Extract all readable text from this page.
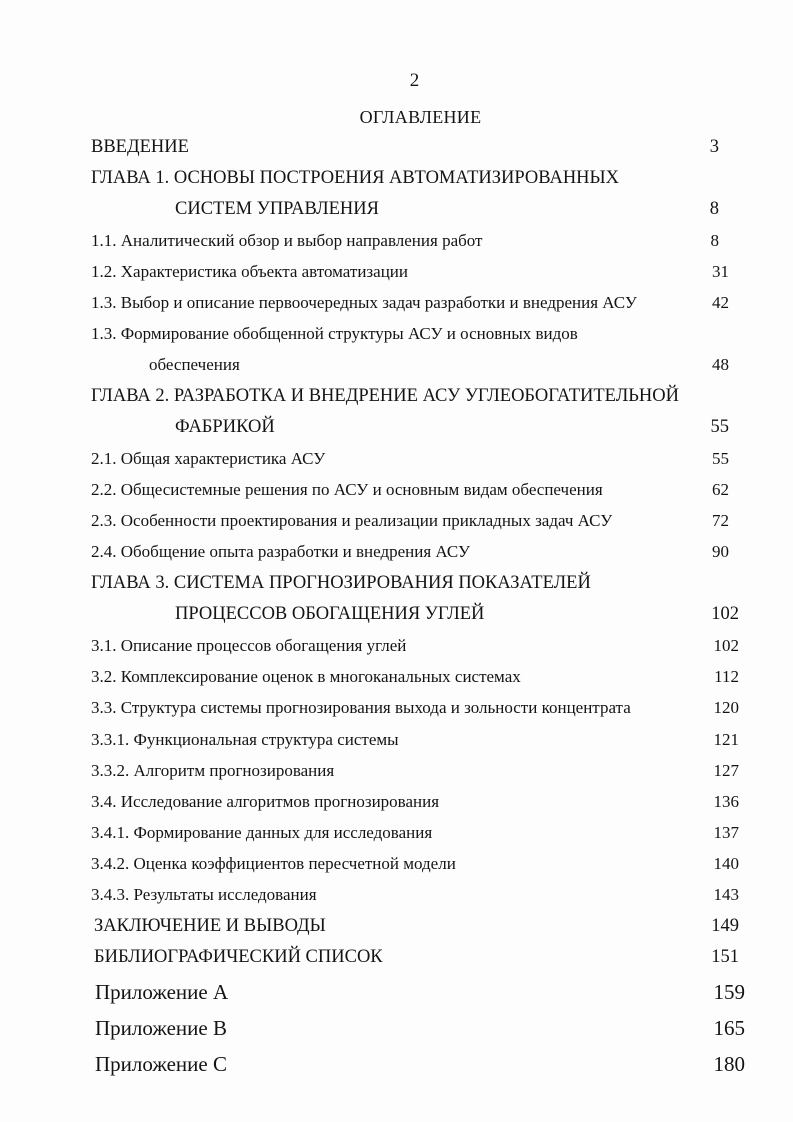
2
ОГЛАВЛЕНИЕ
ВВЕДЕНИЕ	3
ГЛАВА 1. ОСНОВЫ ПОСТРОЕНИЯ АВТОМАТИЗИРОВАННЫХ
СИСТЕМ УПРАВЛЕНИЯ	8
1.1. Аналитический обзор и выбор направления работ	8
1.2. Характеристика объекта автоматизации	31
1.3. Выбор и описание первоочередных задач разработки и внедрения АСУ	42
1.3. Формирование обобщенной структуры АСУ и основных видов
обеспечения	48
ГЛАВА 2. РАЗРАБОТКА И ВНЕДРЕНИЕ АСУ УГЛЕОБОГАТИТЕЛЬНОЙ
ФАБРИКОЙ	55
2.1. Общая характеристика АСУ	55
2.2. Общесистемные решения по АСУ и основным видам обеспечения	62
2.3. Особенности проектирования и реализации прикладных задач АСУ	72
2.4. Обобщение опыта разработки и внедрения АСУ	90
ГЛАВА 3. СИСТЕМА ПРОГНОЗИРОВАНИЯ ПОКАЗАТЕЛЕЙ
ПРОЦЕССОВ ОБОГАЩЕНИЯ УГЛЕЙ	102
3.1. Описание процессов обогащения углей	102
3.2. Комплексирование оценок в многоканальных системах	112
3.3. Структура системы прогнозирования выхода и зольности концентрата	120
3.3.1. Функциональная структура системы	121
3.3.2. Алгоритм прогнозирования	127
3.4. Исследование алгоритмов прогнозирования	136
3.4.1. Формирование данных для исследования	137
3.4.2. Оценка коэффициентов пересчетной модели	140
3.4.3. Результаты исследования	143
ЗАКЛЮЧЕНИЕ И ВЫВОДЫ	149
БИБЛИОГРАФИЧЕСКИЙ СПИСОК	151
Приложение А	159
Приложение В	165
Приложение С	180
